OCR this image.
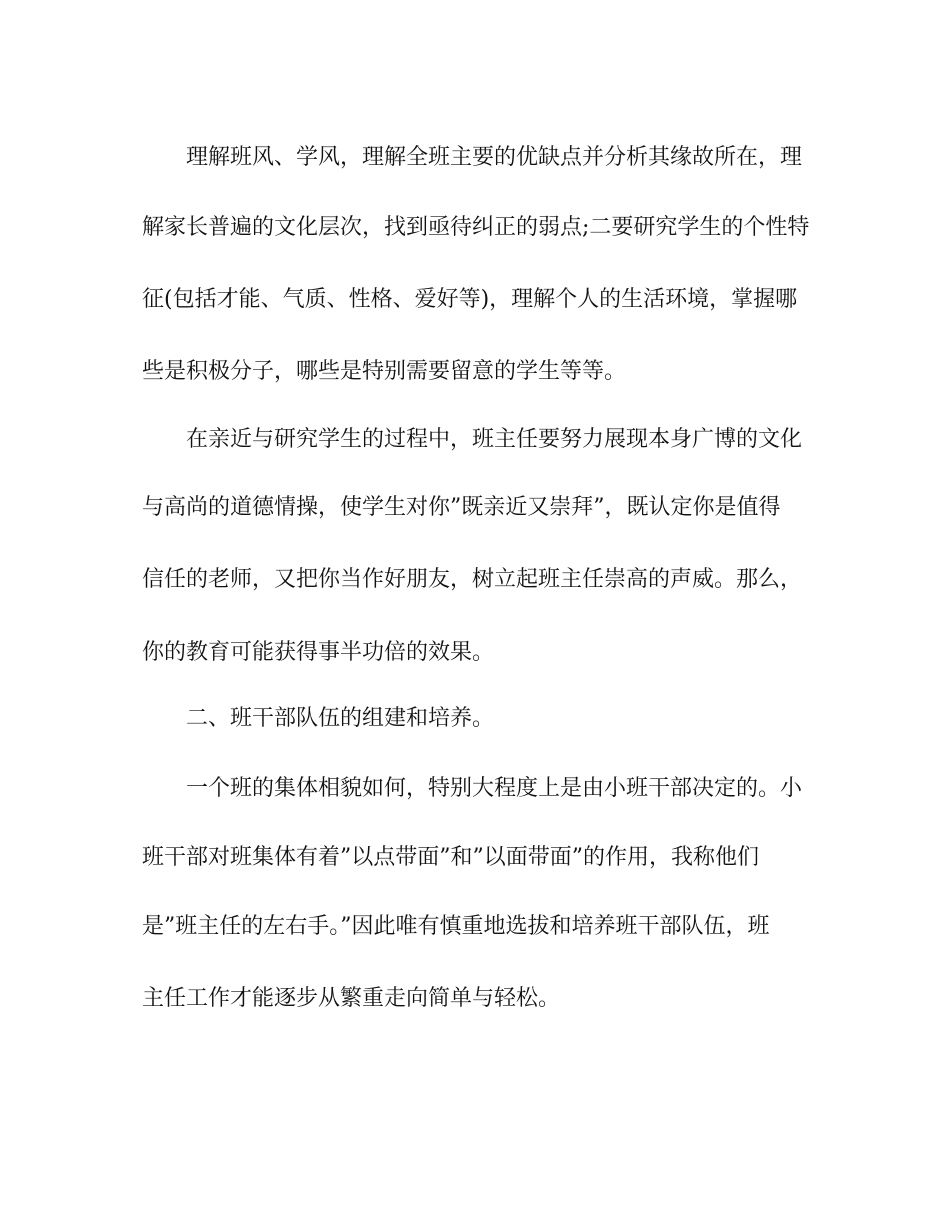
理解班风、学风，理解全班主要的优缺点并分析其缘故所在，理
解家长普遍的文化层次，找到亟待纠正的弱点;二要研究学生的个性特
征(包括才能、气质、性格、爱好等)，理解个人的生活环境，掌握哪
些是积极分子，哪些是特别需要留意的学生等等。
在亲近与研究学生的过程中，班主任要努力展现本身广博的文化
与高尚的道德情操，使学生对你”既亲近又崇拜”，既认定你是值得
信任的老师，又把你当作好朋友，树立起班主任崇高的声威。那么，
你的教育可能获得事半功倍的效果。
二、班干部队伍的组建和培养。
一个班的集体相貌如何，特别大程度上是由小班干部决定的。小
班干部对班集体有着”以点带面”和”以面带面”的作用，我称他们
是”班主任的左右手。”因此唯有慎重地选拔和培养班干部队伍，班
主任工作才能逐步从繁重走向简单与轻松。
